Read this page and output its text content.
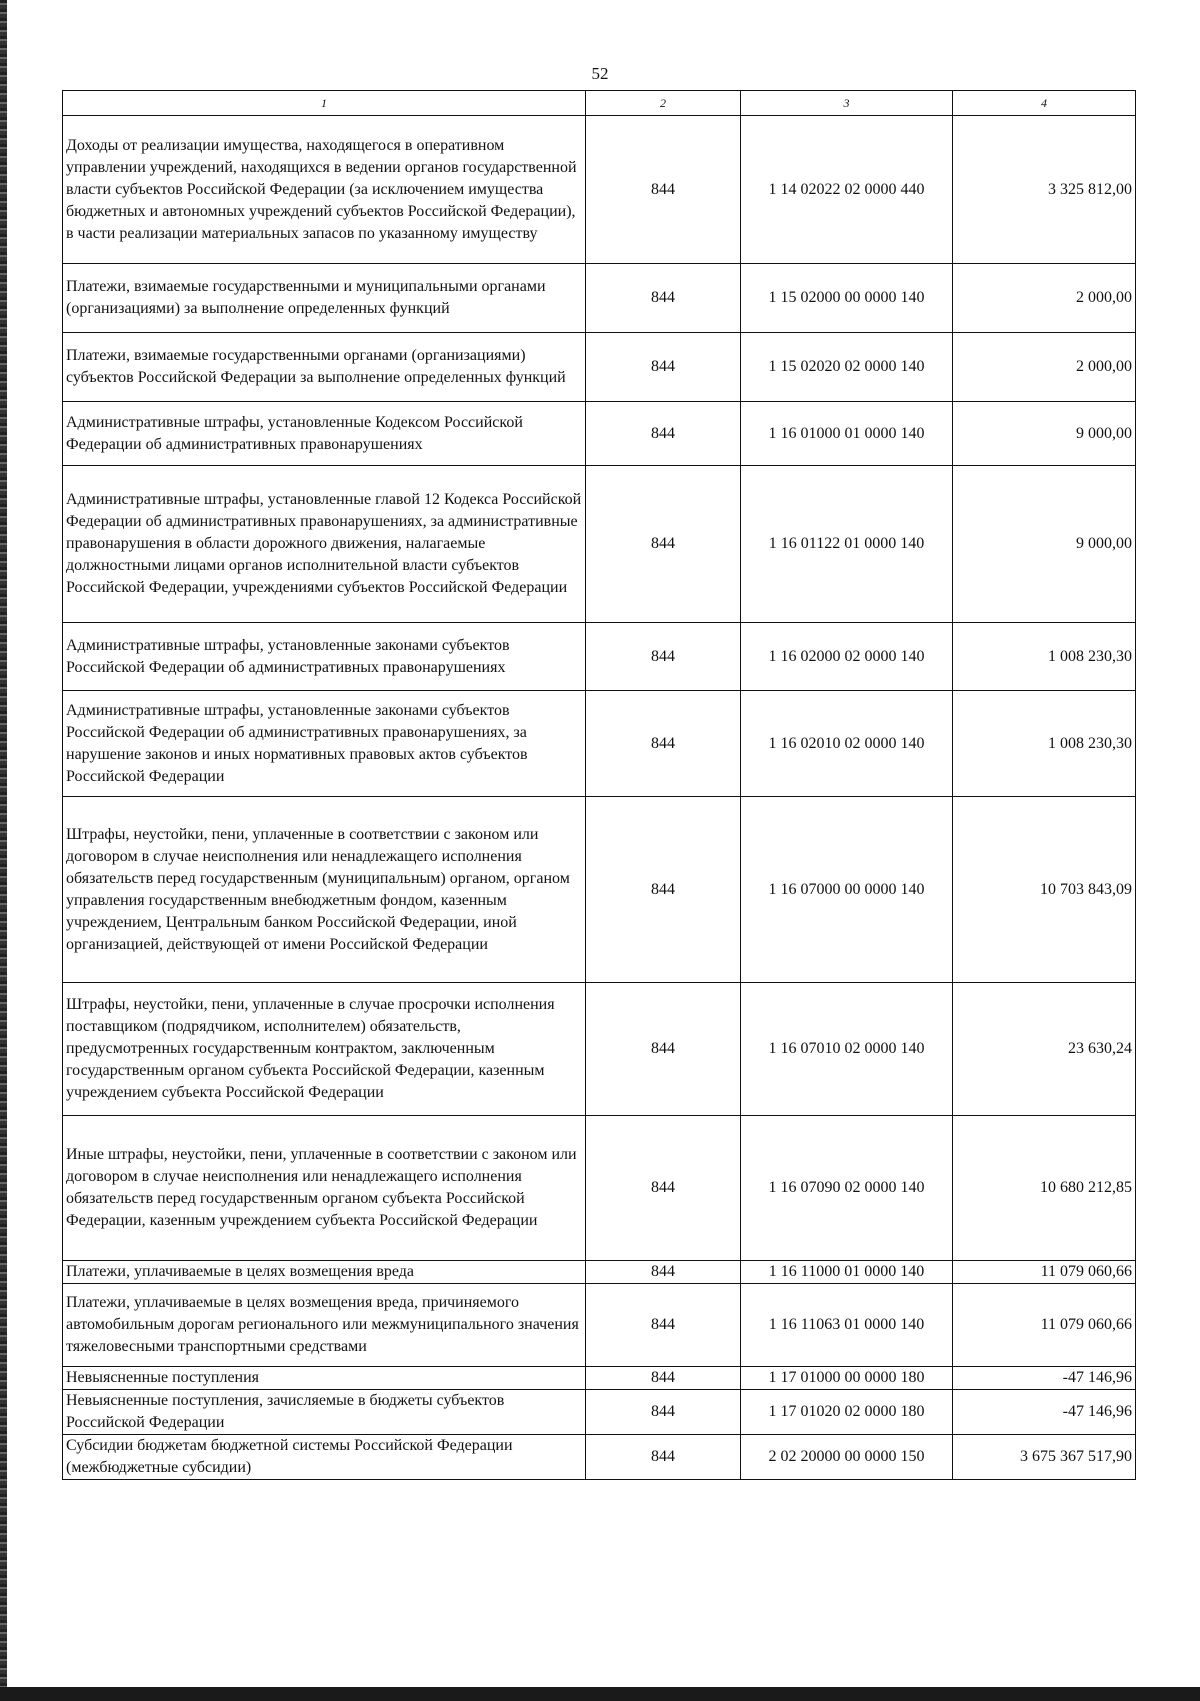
52
1	2	3	4
Доходы от реализации имущества, находящегося в оперативном управлении учреждений, находящихся в ведении органов государственной власти субъектов Российской Федерации (за исключением имущества бюджетных и автономных учреждений субъектов Российской Федерации), в части реализации материальных запасов по указанному имуществу	844	1 14 02022 02 0000 440	3 325 812,00
Платежи, взимаемые государственными и муниципальными органами (организациями) за выполнение определенных функций	844	1 15 02000 00 0000 140	2 000,00
Платежи, взимаемые государственными органами (организациями) субъектов Российской Федерации за выполнение определенных функций	844	1 15 02020 02 0000 140	2 000,00
Административные штрафы, установленные Кодексом Российской Федерации об административных правонарушениях	844	1 16 01000 01 0000 140	9 000,00
Административные штрафы, установленные главой 12 Кодекса Российской Федерации об административных правонарушениях, за административные правонарушения в области дорожного движения, налагаемые должностными лицами органов исполнительной власти субъектов Российской Федерации, учреждениями субъектов Российской Федерации	844	1 16 01122 01 0000 140	9 000,00
Административные штрафы, установленные законами субъектов Российской Федерации об административных правонарушениях	844	1 16 02000 02 0000 140	1 008 230,30
Административные штрафы, установленные законами субъектов Российской Федерации об административных правонарушениях, за нарушение законов и иных нормативных правовых актов субъектов Российской Федерации	844	1 16 02010 02 0000 140	1 008 230,30
Штрафы, неустойки, пени, уплаченные в соответствии с законом или договором в случае неисполнения или ненадлежащего исполнения обязательств перед государственным (муниципальным) органом, органом управления государственным внебюджетным фондом, казенным учреждением, Центральным банком Российской Федерации, иной организацией, действующей от имени Российской Федерации	844	1 16 07000 00 0000 140	10 703 843,09
Штрафы, неустойки, пени, уплаченные в случае просрочки исполнения поставщиком (подрядчиком, исполнителем) обязательств, предусмотренных государственным контрактом, заключенным государственным органом субъекта Российской Федерации, казенным учреждением субъекта Российской Федерации	844	1 16 07010 02 0000 140	23 630,24
Иные штрафы, неустойки, пени, уплаченные в соответствии с законом или договором в случае неисполнения или ненадлежащего исполнения обязательств перед государственным органом субъекта Российской Федерации, казенным учреждением субъекта Российской Федерации	844	1 16 07090 02 0000 140	10 680 212,85
Платежи, уплачиваемые в целях возмещения вреда	844	1 16 11000 01 0000 140	11 079 060,66
Платежи, уплачиваемые в целях возмещения вреда, причиняемого автомобильным дорогам регионального или межмуниципального значения тяжеловесными транспортными средствами	844	1 16 11063 01 0000 140	11 079 060,66
Невыясненные поступления	844	1 17 01000 00 0000 180	-47 146,96
Невыясненные поступления, зачисляемые в бюджеты субъектов Российской Федерации	844	1 17 01020 02 0000 180	-47 146,96
Субсидии бюджетам бюджетной системы Российской Федерации (межбюджетные субсидии)	844	2 02 20000 00 0000 150	3 675 367 517,90
